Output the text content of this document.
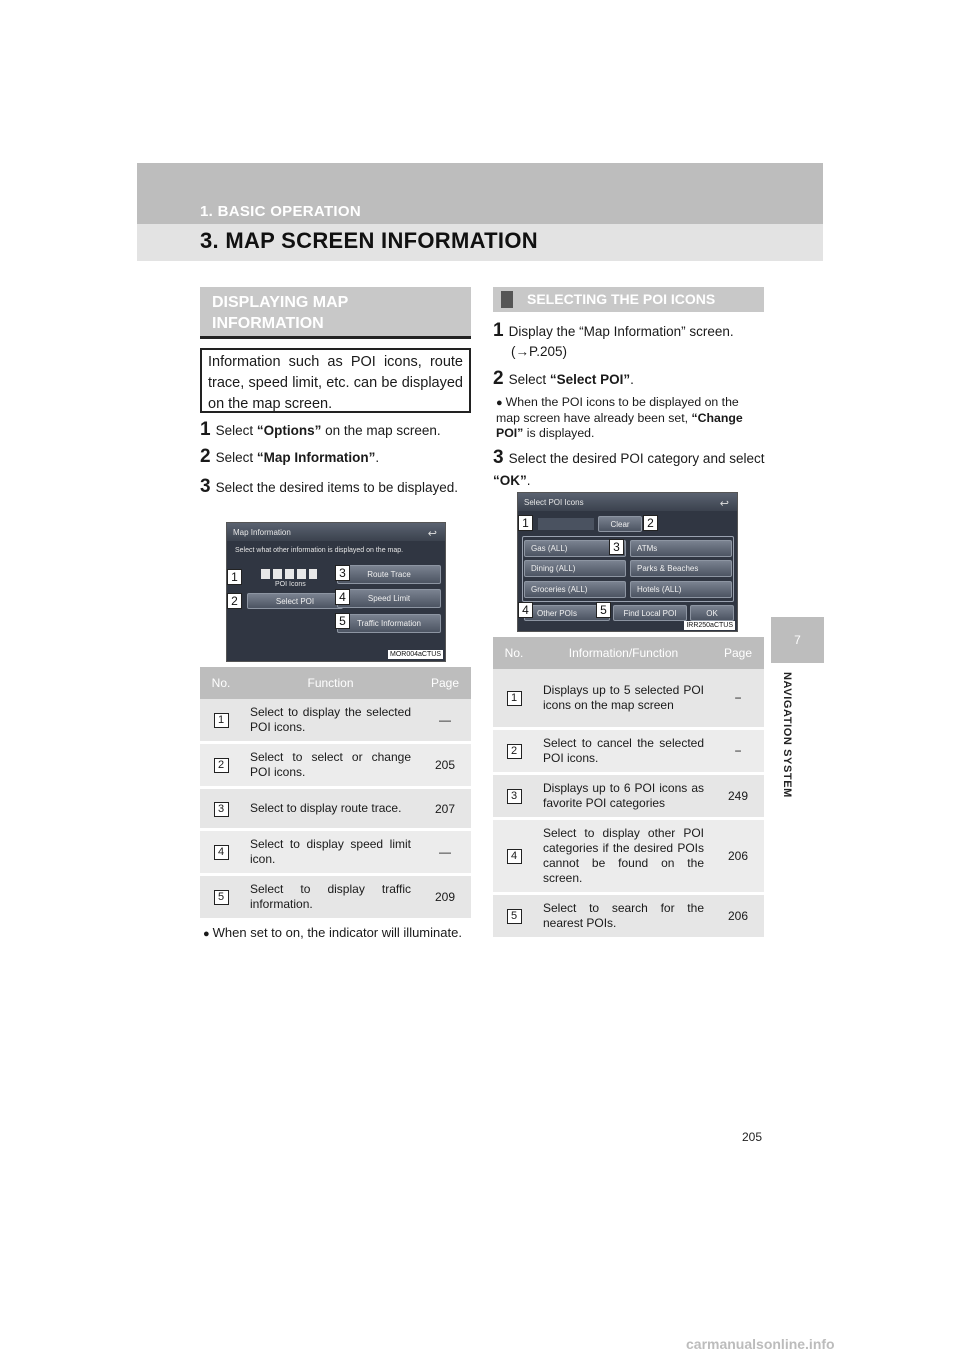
1. BASIC OPERATION
3. MAP SCREEN INFORMATION
7
NAVIGATION SYSTEM
DISPLAYING MAP INFORMATION
Information such as POI icons, route trace, speed limit, etc. can be displayed on the map screen.
1 Select “Options” on the map screen.
2 Select “Map Information”.
3 Select the desired items to be displayed.
Map Information	↩
Select what other information is displayed on the map.
POI Icons
Select POI
Route Trace
Speed Limit
Traffic Information
MOR004aCTUS
1
2
3
4
5
No.	Function	Page
1	Select to display the selected POI icons.	—
2	Select to select or change POI icons.	205
3	Select to display route trace.	207
4	Select to display speed limit icon.	—
5	Select to display traffic information.	209
● When set to on, the indicator will illuminate.
SELECTING THE POI ICONS
1 Display the “Map Information” screen.
(→P.205)
2 Select “Select POI”.
● When the POI icons to be displayed on the map screen have already been set, “Change POI” is displayed.
3 Select the desired POI category and select “OK”.
Select POI Icons	↩
Clear
Gas (ALL)	ATMs
Dining (ALL)	Parks & Beaches
Groceries (ALL)	Hotels (ALL)
Other POIs	Find Local POI	OK
IRR250aCTUS
1	2
3
4	5
No.	Information/Function	Page
1	Displays up to 5 selected POI icons on the map screen	−
2	Select to cancel the selected POI icons.	−
3	Displays up to 6 POI icons as favorite POI categories	249
4	Select to display other POI categories if the desired POIs cannot be found on the screen.	206
5	Select to search for the nearest POIs.	206
205
carmanualsonline.info
